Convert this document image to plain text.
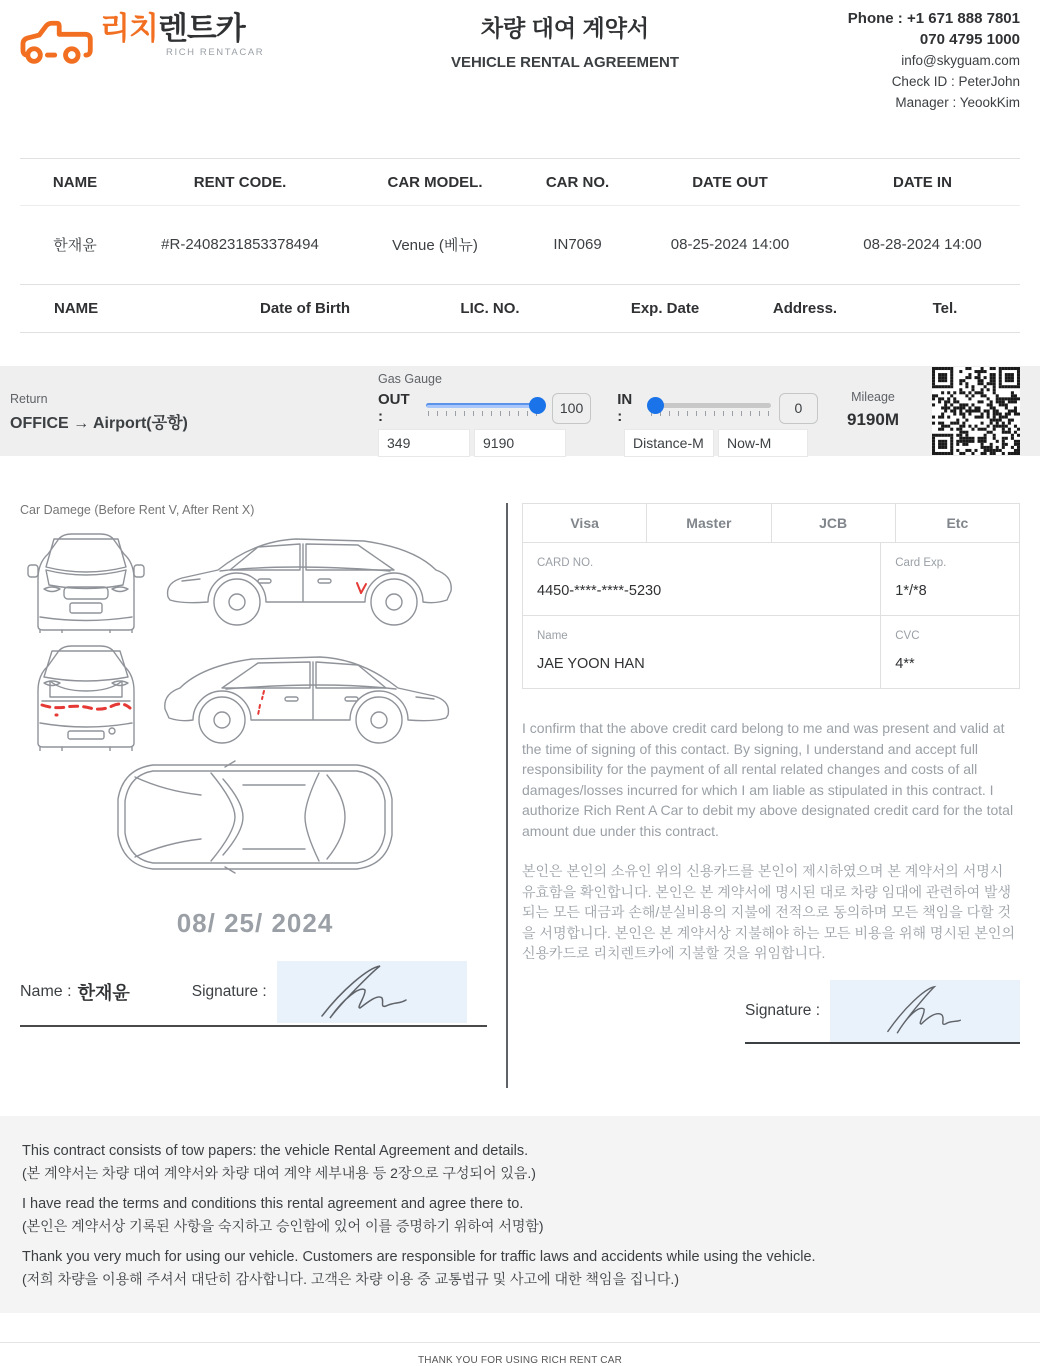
리치렌트카
RICH RENTACAR
차량 대여 계약서
VEHICLE RENTAL AGREEMENT
Phone : +1 671 888 7801
070 4795 1000
info@skyguam.com
Check ID : PeterJohn
Manager : YeookKim
NAME	RENT CODE.	CAR MODEL.	CAR NO.	DATE OUT	DATE IN
한재윤	#R-2408231853378494	Venue (베뉴)	IN7069	08-25-2024 14:00	08-28-2024 14:00
NAME	Date of Birth	LIC. NO.	Exp. Date	Address.	Tel.

Return
OFFICE → Airport(공항)
Gas Gauge
OUT :	100	IN :	0
349
9190
Distance-M
Now-M
Mileage
9190M
Car Damege (Before Rent V, After Rent X)
08/ 25/ 2024
Name : 한재윤	Signature :
Visa	Master	JCB	Etc
CARD NO.
4450-****-****-5230
Card Exp.
1*/*8
Name
JAE YOON HAN
CVC
4**
I confirm that the above credit card belong to me and was present and valid at the time of signing of this contact. By signing, I understand and accept full responsibility for the payment of all rental related changes and costs of all damages/losses incurred for which I am liable as stipulated in this contract. I authorize Rich Rent A Car to debit my above designated credit card for the total amount due under this contract.
본인은 본인의 소유인 위의 신용카드를 본인이 제시하였으며 본 계약서의 서명시 유효함을 확인합니다. 본인은 본 계약서에 명시된 대로 차량 임대에 관련하여 발생되는 모든 대금과 손해/분실비용의 지불에 전적으로 동의하며 모든 책임을 다할 것을 서명합니다. 본인은 본 계약서상 지불해야 하는 모든 비용을 위해 명시된 본인의 신용카드로 리치렌트카에 지불할 것을 위임합니다.
Signature :
This contract consists of tow papers: the vehicle Rental Agreement and details.
(본 계약서는 차량 대여 계약서와 차량 대여 계약 세부내용 등 2장으로 구성되어 있음.)
I have read the terms and conditions this rental agreement and agree there to.
(본인은 계약서상 기록된 사항을 숙지하고 승인함에 있어 이를 증명하기 위하여 서명함)
Thank you very much for using our vehicle. Customers are responsible for traffic laws and accidents while using the vehicle.
(저희 차량을 이용해 주셔서 대단히 감사합니다. 고객은 차량 이용 중 교통법규 및 사고에 대한 책임을 집니다.)
THANK YOU FOR USING RICH RENT CAR
